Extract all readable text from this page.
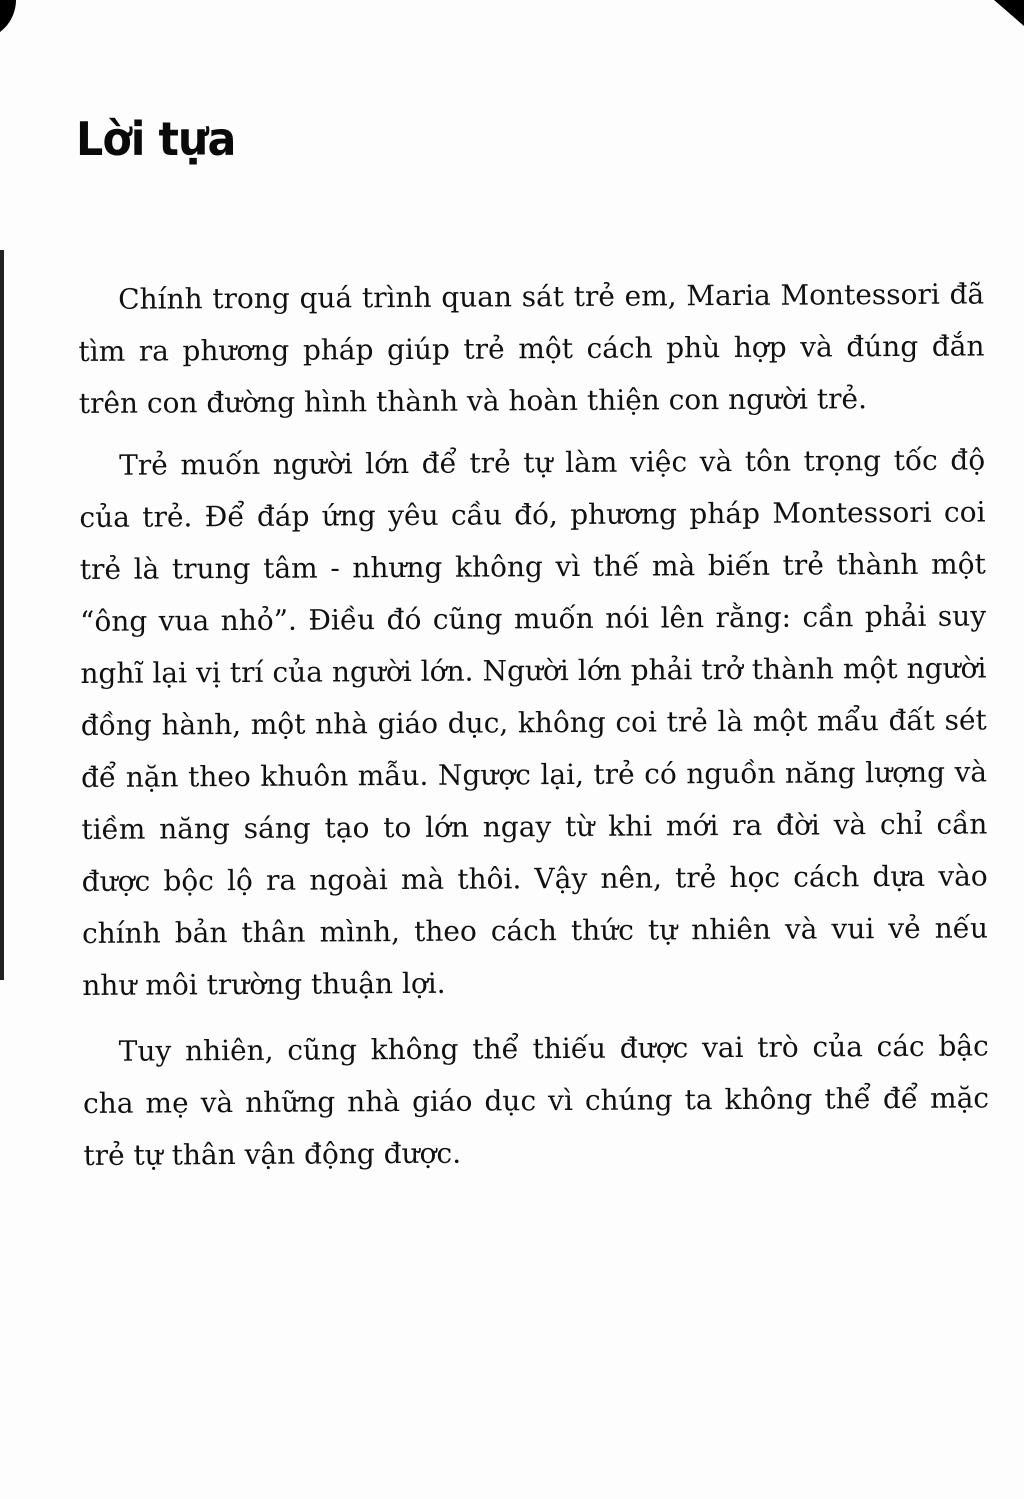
Lời tựa

Chính trong quá trình quan sát trẻ em, Maria Montessori đã tìm ra phương pháp giúp trẻ một cách phù hợp và đúng đắn trên con đường hình thành và hoàn thiện con người trẻ.

Trẻ muốn người lớn để trẻ tự làm việc và tôn trọng tốc độ của trẻ. Để đáp ứng yêu cầu đó, phương pháp Montessori coi trẻ là trung tâm - nhưng không vì thế mà biến trẻ thành một “ông vua nhỏ”. Điều đó cũng muốn nói lên rằng: cần phải suy nghĩ lại vị trí của người lớn. Người lớn phải trở thành một người đồng hành, một nhà giáo dục, không coi trẻ là một mẩu đất sét để nặn theo khuôn mẫu. Ngược lại, trẻ có nguồn năng lượng và tiềm năng sáng tạo to lớn ngay từ khi mới ra đời và chỉ cần được bộc lộ ra ngoài mà thôi. Vậy nên, trẻ học cách dựa vào chính bản thân mình, theo cách thức tự nhiên và vui vẻ nếu như môi trường thuận lợi.

Tuy nhiên, cũng không thể thiếu được vai trò của các bậc cha mẹ và những nhà giáo dục vì chúng ta không thể để mặc trẻ tự thân vận động được.
